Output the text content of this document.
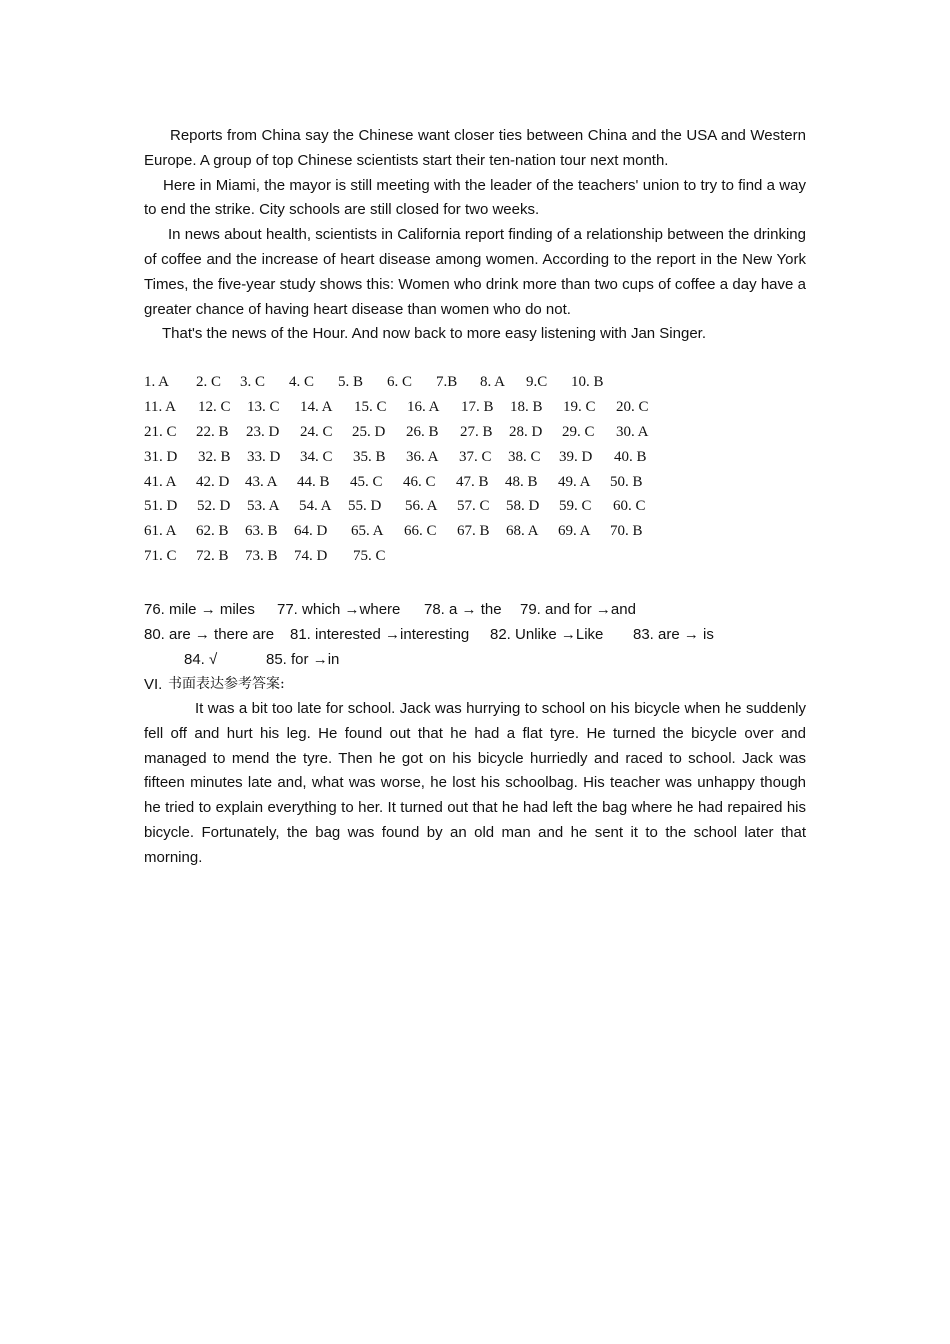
Reports from China say the Chinese want closer ties between China and the USA and Western Europe. A group of top Chinese scientists start their ten-nation tour next month.

Here in Miami, the mayor is still meeting with the leader of the teachers' union to try to find a way to end the strike. City schools are still closed for two weeks.

In news about health, scientists in California report finding of a relationship between the drinking of coffee and the increase of heart disease among women. According to the report in the New York Times, the five-year study shows this: Women who drink more than two cups of coffee a day have a greater chance of having heart disease than women who do not.

That's the news of the Hour. And now back to more easy listening with Jan Singer.

1. A 2. C 3. C 4. C 5. B 6. C 7.B 8. A 9.C 10. B
11. A 12. C 13. C 14. A 15. C 16. A 17. B 18. B 19. C 20. C
21. C 22. B 23. D 24. C 25. D 26. B 27. B 28. D 29. C 30. A
31. D 32. B 33. D 34. C 35. B 36. A 37. C 38. C 39. D 40. B
41. A 42. D 43. A 44. B 45. C 46. C 47. B 48. B 49. A 50. B
51. D 52. D 53. A 54. A 55. D 56. A 57. C 58. D 59. C 60. C
61. A 62. B 63. B 64. D 65. A 66. C 67. B 68. A 69. A 70. B
71. C 72. B 73. B 74. D 75. C
76. mile → miles 77. which →where 78. a → the 79. and for →and
80. are → there are 81. interested →interesting 82. Unlike →Like 83. are → is
84. √	85. for →in
VI. 书面表达参考答案:

It was a bit too late for school. Jack was hurrying to school on his bicycle when he suddenly fell off and hurt his leg. He found out that he had a flat tyre. He turned the bicycle over and managed to mend the tyre. Then he got on his bicycle hurriedly and raced to school. Jack was fifteen minutes late and, what was worse, he lost his schoolbag. His teacher was unhappy though he tried to explain everything to her. It turned out that he had left the bag where he had repaired his bicycle. Fortunately, the bag was found by an old man and he sent it to the school later that morning.
